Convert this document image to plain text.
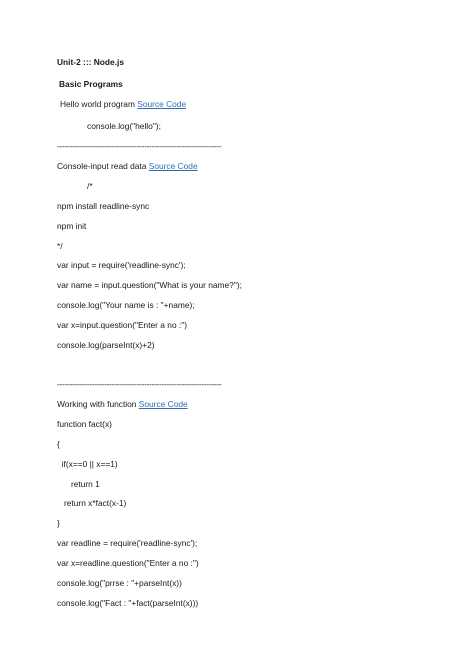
Unit-2 ::: Node.js
Basic Programs
Hello world program Source Code
console.log("hello");
------------------------------------------------------------------
Console-input read data Source Code
/*
npm install readline-sync
npm init
*/
var input = require('readline-sync');
var name = input.question("What is your name?");
console.log("Your name is : "+name);
var x=input.question("Enter a no :")
console.log(parseInt(x)+2)
------------------------------------------------------------------
Working with function Source Code
function fact(x)
{
if(x==0 || x==1)
return 1
return x*fact(x-1)
}
var readline = require('readline-sync');
var x=readline.question("Enter a no :")
console.log("prrse : "+parseInt(x))
console.log("Fact : "+fact(parseInt(x)))
